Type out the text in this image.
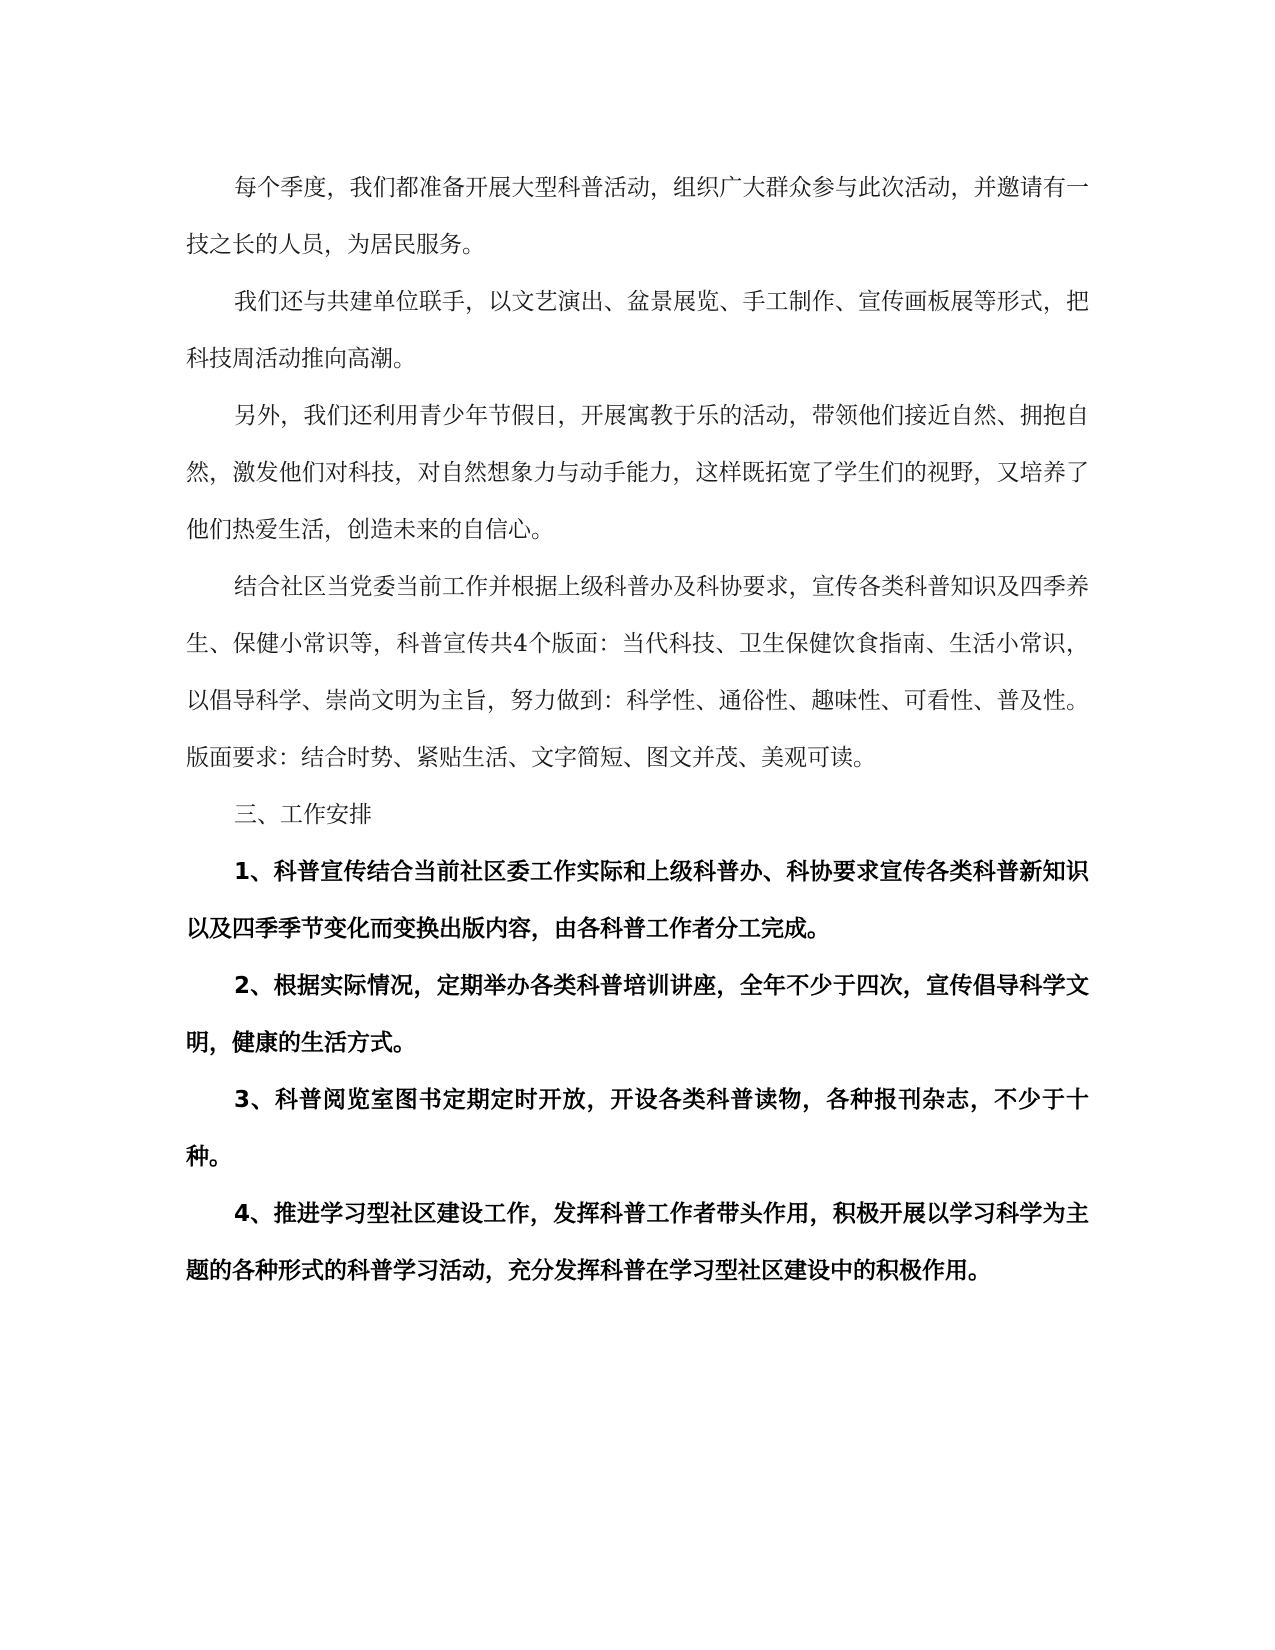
每个季度，我们都准备开展大型科普活动，组织广大群众参与此次活动，并邀请有一技之长的人员，为居民服务。

我们还与共建单位联手，以文艺演出、盆景展览、手工制作、宣传画板展等形式，把科技周活动推向高潮。

另外，我们还利用青少年节假日，开展寓教于乐的活动，带领他们接近自然、拥抱自然，激发他们对科技，对自然想象力与动手能力，这样既拓宽了学生们的视野，又培养了他们热爱生活，创造未来的自信心。

结合社区当党委当前工作并根据上级科普办及科协要求，宣传各类科普知识及四季养生、保健小常识等，科普宣传共4个版面：当代科技、卫生保健饮食指南、生活小常识，以倡导科学、崇尚文明为主旨，努力做到：科学性、通俗性、趣味性、可看性、普及性。版面要求：结合时势、紧贴生活、文字简短、图文并茂、美观可读。

三、工作安排

1、科普宣传结合当前社区委工作实际和上级科普办、科协要求宣传各类科普新知识以及四季季节变化而变换出版内容，由各科普工作者分工完成。

2、根据实际情况，定期举办各类科普培训讲座，全年不少于四次，宣传倡导科学文明，健康的生活方式。

3、科普阅览室图书定期定时开放，开设各类科普读物，各种报刊杂志，不少于十种。

4、推进学习型社区建设工作，发挥科普工作者带头作用，积极开展以学习科学为主题的各种形式的科普学习活动，充分发挥科普在学习型社区建设中的积极作用。
